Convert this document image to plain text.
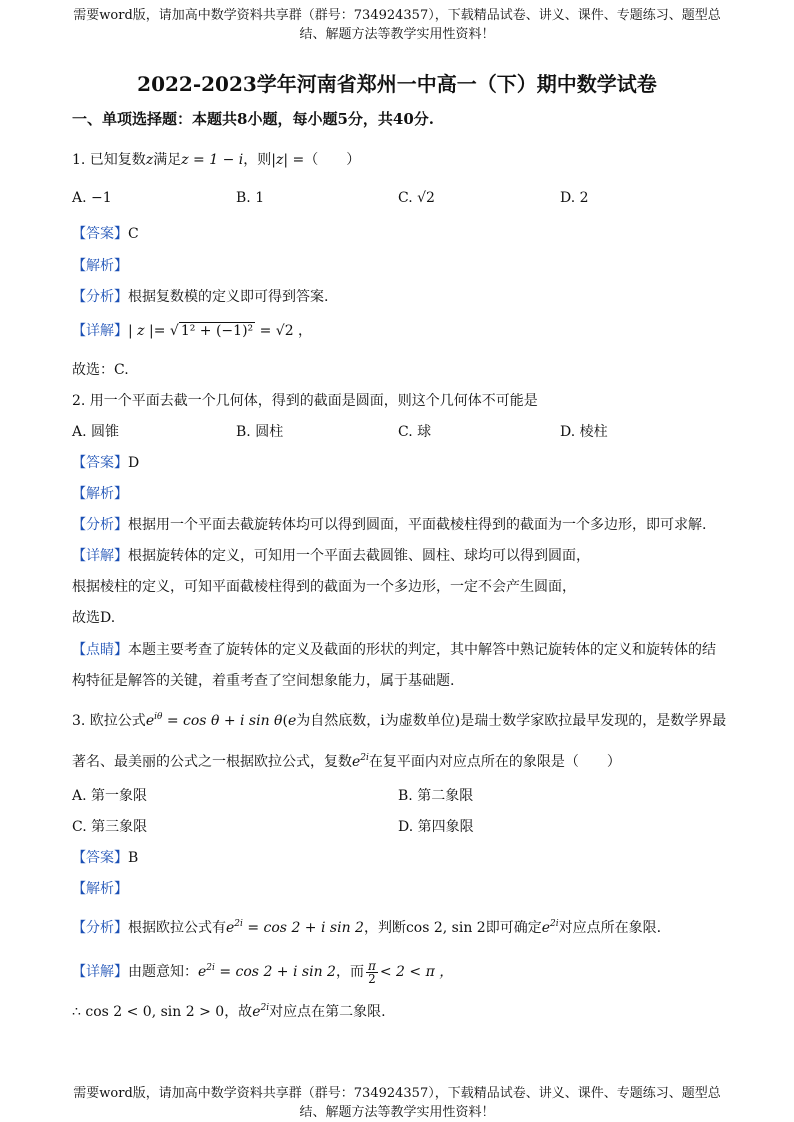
需要word版，请加高中数学资料共享群（群号：734924357），下载精品试卷、讲义、课件、专题练习、题型总
结、解题方法等教学实用性资料！
2022-2023学年河南省郑州一中高一（下）期中数学试卷
一、单项选择题：本题共8小题，每小题5分，共40分.
1. 已知复数z满足z = 1 − i，则|z| =（　　）
A. −1	B. 1	C. √2	D. 2
【答案】C
【解析】
【分析】根据复数模的定义即可得到答案.
【详解】| z |= √ 1² + (−1)² = √2 ，
故选：C.
2. 用一个平面去截一个几何体，得到的截面是圆面，则这个几何体不可能是
A. 圆锥	B. 圆柱	C. 球	D. 棱柱
【答案】D
【解析】
【分析】根据用一个平面去截旋转体均可以得到圆面，平面截棱柱得到的截面为一个多边形，即可求解.
【详解】根据旋转体的定义，可知用一个平面去截圆锥、圆柱、球均可以得到圆面，
根据棱柱的定义，可知平面截棱柱得到的截面为一个多边形，一定不会产生圆面，
故选D.
【点睛】本题主要考查了旋转体的定义及截面的形状的判定，其中解答中熟记旋转体的定义和旋转体的结
构特征是解答的关键，着重考查了空间想象能力，属于基础题.
3. 欧拉公式$e^{i\theta} = \cos \theta + i$ sin θ(e为自然底数，i为虚数单位)是瑞士数学家欧拉最早发现的，是数学界最
著名、最美丽的公式之一根据欧拉公式，复数$e^{2i}$在复平面内对应点所在的象限是（　　）
A. 第一象限	B. 第二象限
C. 第三象限	D. 第四象限
【答案】B
【解析】
【分析】根据欧拉公式有$e^{2i} = \cos 2 + i$ sin 2，判断cos 2, sin 2即可确定$e^{2i}$对应点所在象限.
【详解】由题意知：$e^{2i} = \cos 2 + i$ sin 2，而 $\frac{\pi}{2} < 2 < \pi$ ，
∴ cos 2 < 0, sin 2 > 0，故$e^{2i}$对应点在第二象限.
需要word版，请加高中数学资料共享群（群号：734924357），下载精品试卷、讲义、课件、专题练习、题型总
结、解题方法等教学实用性资料！
